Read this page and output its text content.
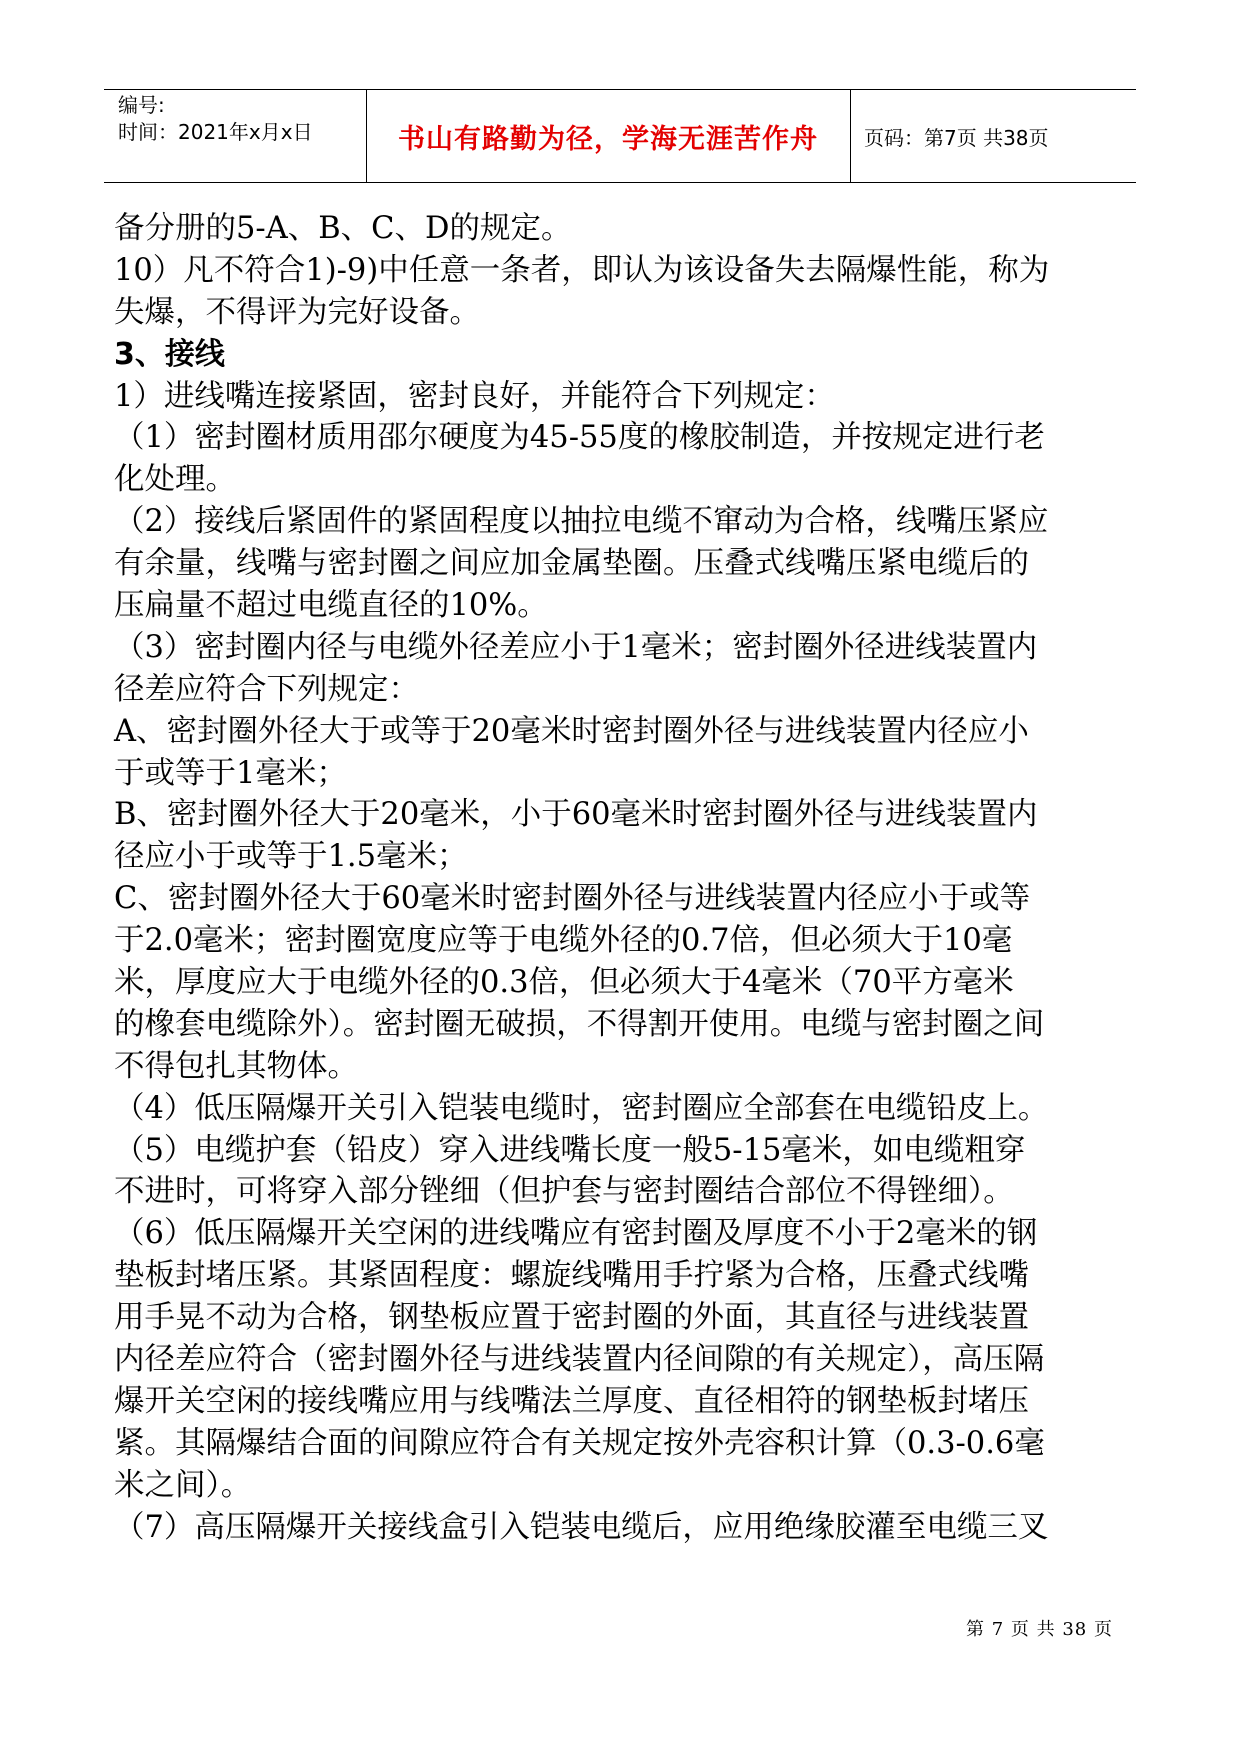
编号:
时间：2021年x月x日	书山有路勤为径，学海无涯苦作舟	页码：第7页 共38页
备分册的5-A、B、C、D的规定。
10）凡不符合1)-9)中任意一条者，即认为该设备失去隔爆性能，称为
失爆，不得评为完好设备。
3、接线
1）进线嘴连接紧固，密封良好，并能符合下列规定：
（1）密封圈材质用邵尔硬度为45-55度的橡胶制造，并按规定进行老
化处理。
（2）接线后紧固件的紧固程度以抽拉电缆不窜动为合格，线嘴压紧应
有余量，线嘴与密封圈之间应加金属垫圈。压叠式线嘴压紧电缆后的
压扁量不超过电缆直径的10%。
（3）密封圈内径与电缆外径差应小于1毫米；密封圈外径进线装置内
径差应符合下列规定：
A、密封圈外径大于或等于20毫米时密封圈外径与进线装置内径应小
于或等于1毫米；
B、密封圈外径大于20毫米，小于60毫米时密封圈外径与进线装置内
径应小于或等于1.5毫米；
C、密封圈外径大于60毫米时密封圈外径与进线装置内径应小于或等
于2.0毫米；密封圈宽度应等于电缆外径的0.7倍，但必须大于10毫
米，厚度应大于电缆外径的0.3倍，但必须大于4毫米（70平方毫米
的橡套电缆除外）。密封圈无破损，不得割开使用。电缆与密封圈之间
不得包扎其物体。
（4）低压隔爆开关引入铠装电缆时，密封圈应全部套在电缆铅皮上。
（5）电缆护套（铅皮）穿入进线嘴长度一般5-15毫米，如电缆粗穿
不进时，可将穿入部分锉细（但护套与密封圈结合部位不得锉细）。
（6）低压隔爆开关空闲的进线嘴应有密封圈及厚度不小于2毫米的钢
垫板封堵压紧。其紧固程度：螺旋线嘴用手拧紧为合格，压叠式线嘴
用手晃不动为合格，钢垫板应置于密封圈的外面，其直径与进线装置
内径差应符合（密封圈外径与进线装置内径间隙的有关规定），高压隔
爆开关空闲的接线嘴应用与线嘴法兰厚度、直径相符的钢垫板封堵压
紧。其隔爆结合面的间隙应符合有关规定按外壳容积计算（0.3-0.6毫
米之间）。
（7）高压隔爆开关接线盒引入铠装电缆后，应用绝缘胶灌至电缆三叉
第 7 页 共 38 页
